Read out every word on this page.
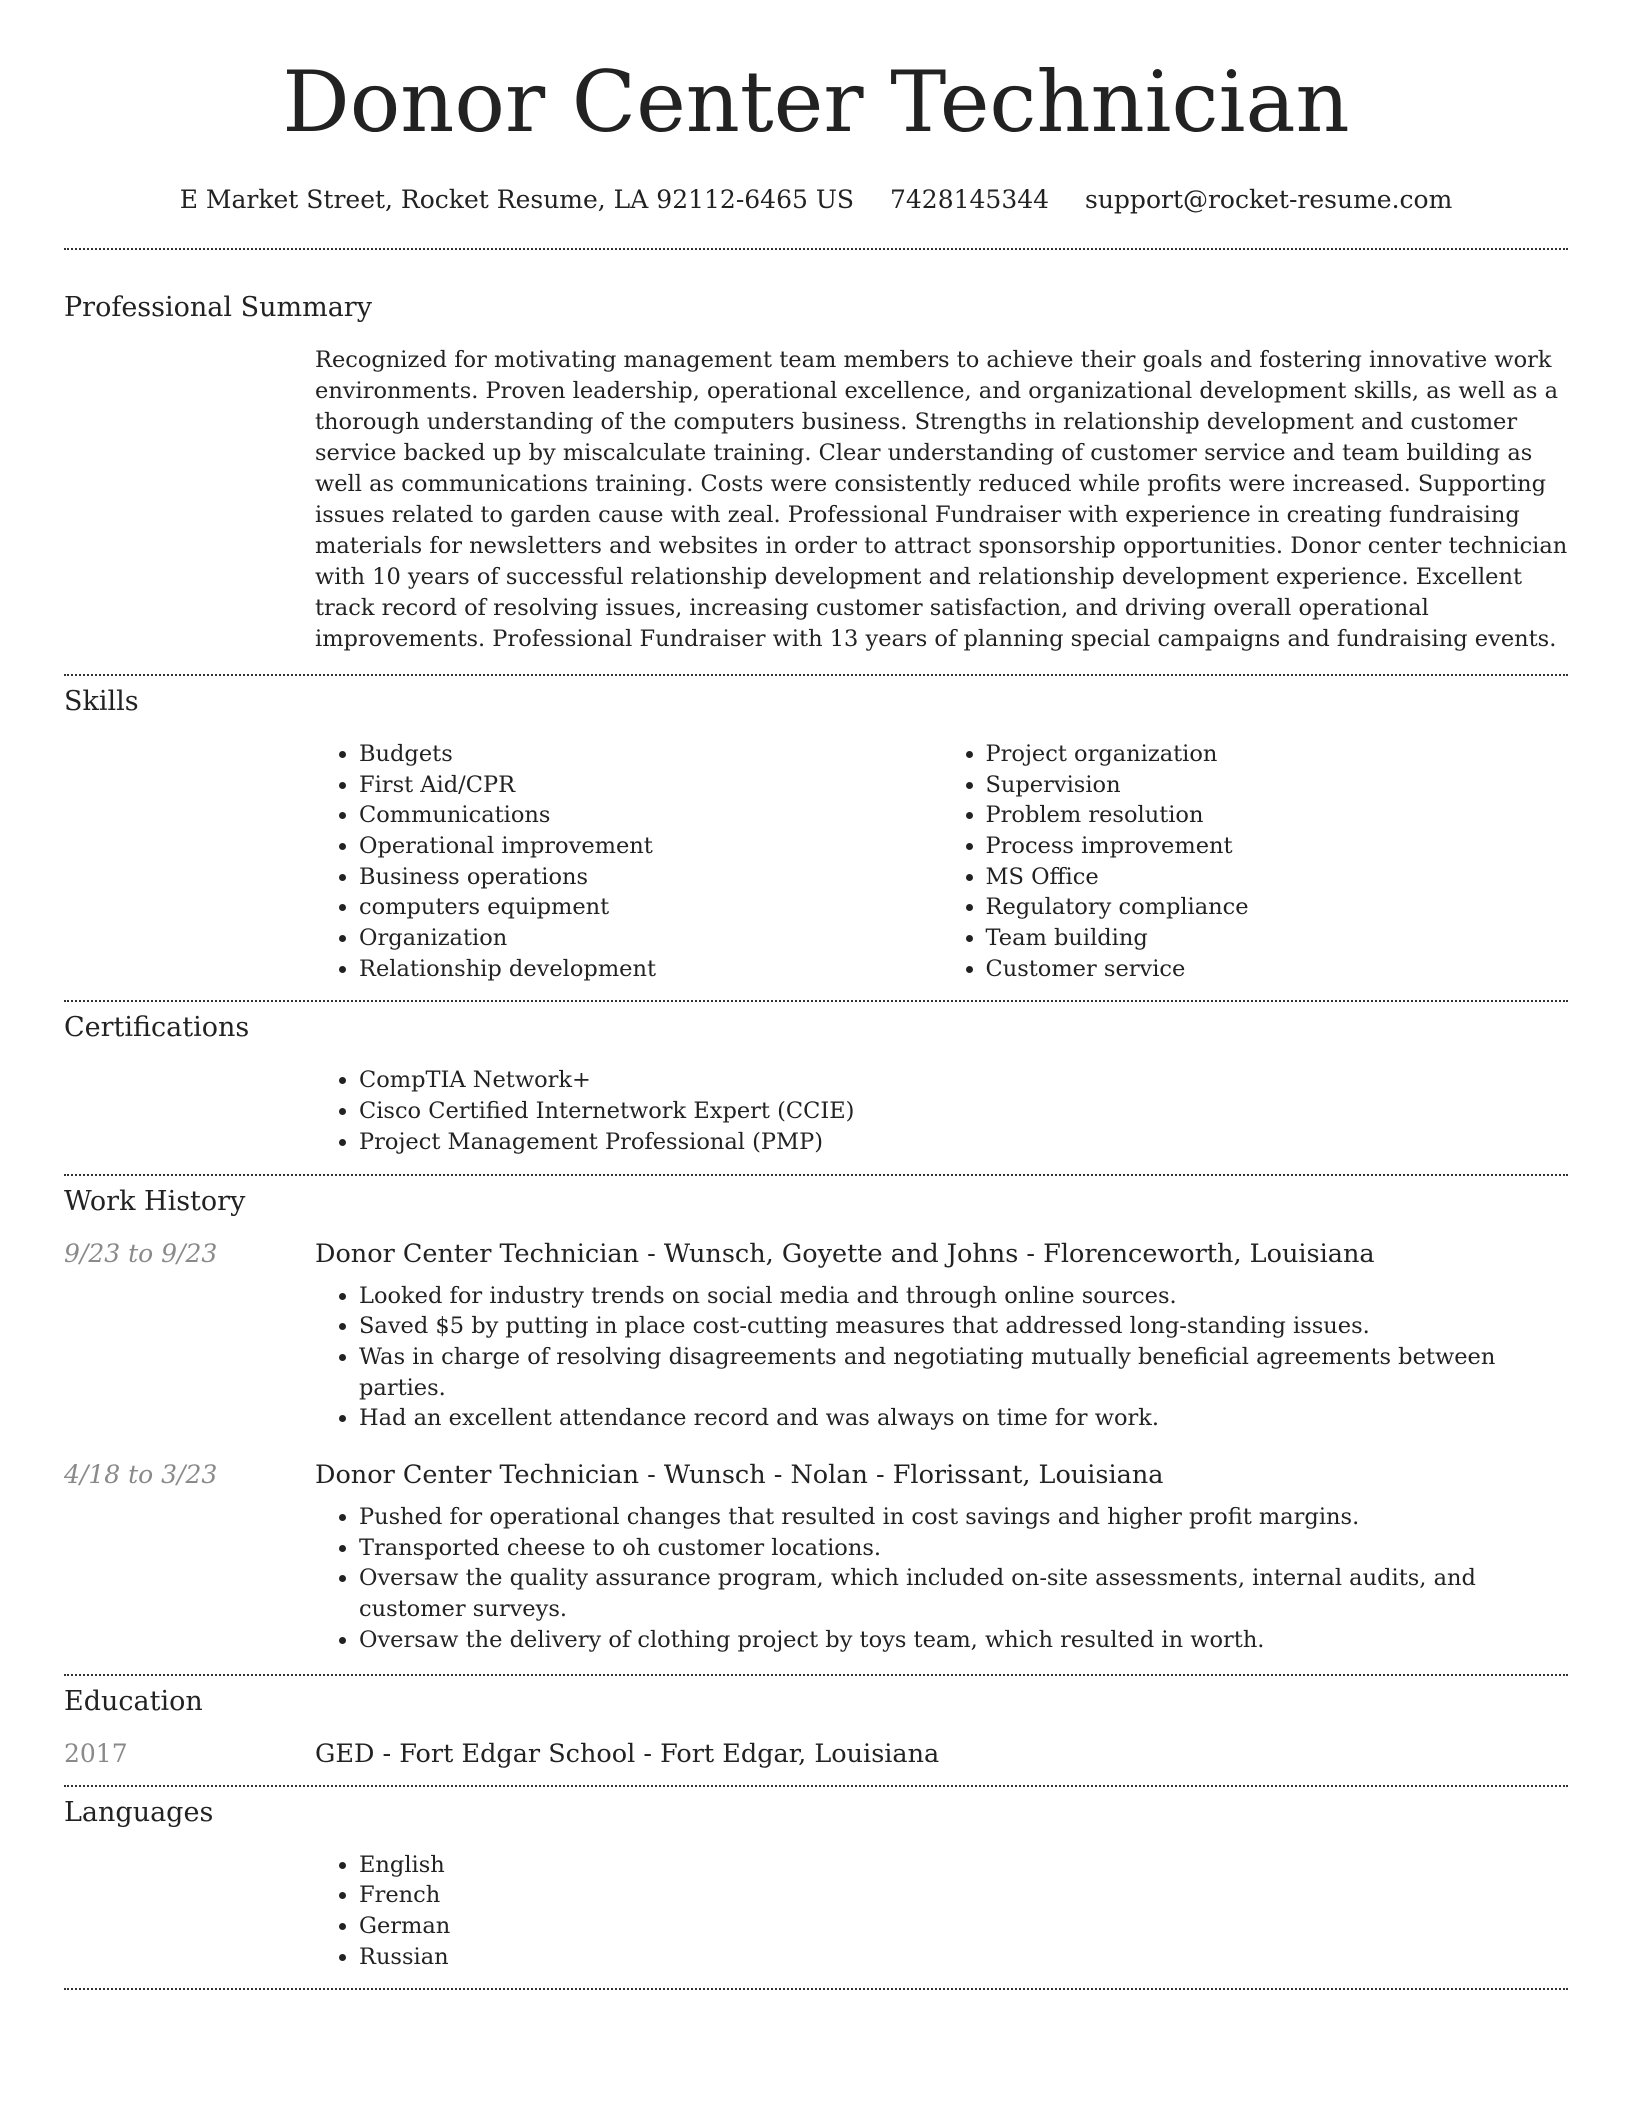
Donor Center Technician
E Market Street, Rocket Resume, LA 92112-6465 US 7428145344 support@rocket-resume.com
Professional Summary
Recognized for motivating management team members to achieve their goals and fostering innovative work environments. Proven leadership, operational excellence, and organizational development skills, as well as a thorough understanding of the computers business. Strengths in relationship development and customer service backed up by miscalculate training. Clear understanding of customer service and team building as well as communications training. Costs were consistently reduced while profits were increased. Supporting issues related to garden cause with zeal. Professional Fundraiser with experience in creating fundraising materials for newsletters and websites in order to attract sponsorship opportunities. Donor center technician with 10 years of successful relationship development and relationship development experience. Excellent track record of resolving issues, increasing customer satisfaction, and driving overall operational improvements. Professional Fundraiser with 13 years of planning special campaigns and fundraising events.
Skills
• Budgets
• First Aid/CPR
• Communications
• Operational improvement
• Business operations
• computers equipment
• Organization
• Relationship development
• Project organization
• Supervision
• Problem resolution
• Process improvement
• MS Office
• Regulatory compliance
• Team building
• Customer service
Certifications
• CompTIA Network+
• Cisco Certified Internetwork Expert (CCIE)
• Project Management Professional (PMP)
Work History
9/23 to 9/23	Donor Center Technician - Wunsch, Goyette and Johns - Florenceworth, Louisiana
• Looked for industry trends on social media and through online sources.
• Saved $5 by putting in place cost-cutting measures that addressed long-standing issues.
• Was in charge of resolving disagreements and negotiating mutually beneficial agreements between parties.
• Had an excellent attendance record and was always on time for work.
4/18 to 3/23	Donor Center Technician - Wunsch - Nolan - Florissant, Louisiana
• Pushed for operational changes that resulted in cost savings and higher profit margins.
• Transported cheese to oh customer locations.
• Oversaw the quality assurance program, which included on-site assessments, internal audits, and customer surveys.
• Oversaw the delivery of clothing project by toys team, which resulted in worth.
Education
2017	GED - Fort Edgar School - Fort Edgar, Louisiana
Languages
• English
• French
• German
• Russian
